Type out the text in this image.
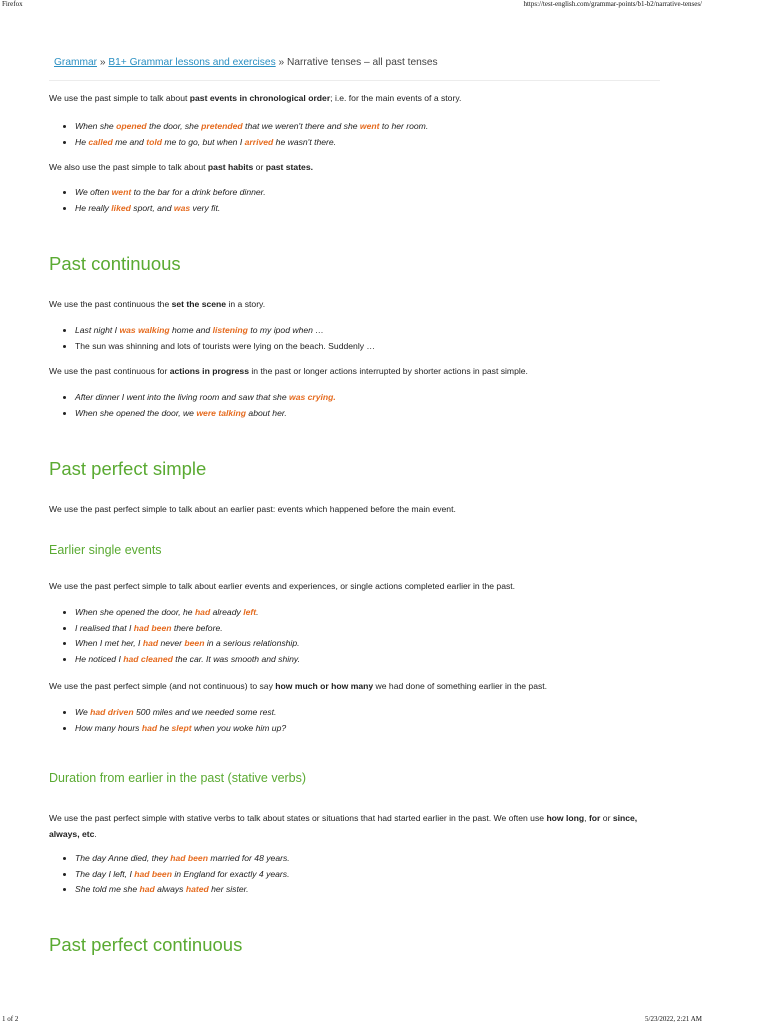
Firefox	https://test-english.com/grammar-points/b1-b2/narrative-tenses/
Grammar » B1+ Grammar lessons and exercises » Narrative tenses – all past tenses

We use the past simple to talk about past events in chronological order; i.e. for the main events of a story.

• When she opened the door, she pretended that we weren't there and she went to her room.
• He called me and told me to go, but when I arrived he wasn't there.

We also use the past simple to talk about past habits or past states.

• We often went to the bar for a drink before dinner.
• He really liked sport, and was very fit.
Past continuous

We use the past continuous the set the scene in a story.

• Last night I was walking home and listening to my ipod when …
• The sun was shinning and lots of tourists were lying on the beach. Suddenly …

We use the past continuous for actions in progress in the past or longer actions interrupted by shorter actions in past simple.

• After dinner I went into the living room and saw that she was crying.
• When she opened the door, we were talking about her.
Past perfect simple

We use the past perfect simple to talk about an earlier past: events which happened before the main event.

Earlier single events

We use the past perfect simple to talk about earlier events and experiences, or single actions completed earlier in the past.

• When she opened the door, he had already left.
• I realised that I had been there before.
• When I met her, I had never been in a serious relationship.
• He noticed I had cleaned the car. It was smooth and shiny.

We use the past perfect simple (and not continuous) to say how much or how many we had done of something earlier in the past.

• We had driven 500 miles and we needed some rest.
• How many hours had he slept when you woke him up?
Duration from earlier in the past (stative verbs)

We use the past perfect simple with stative verbs to talk about states or situations that had started earlier in the past. We often use how long, for or since, always, etc.

• The day Anne died, they had been married for 48 years.
• The day I left, I had been in England for exactly 4 years.
• She told me she had always hated her sister.
Past perfect continuous
1 of 2	5/23/2022, 2:21 AM
